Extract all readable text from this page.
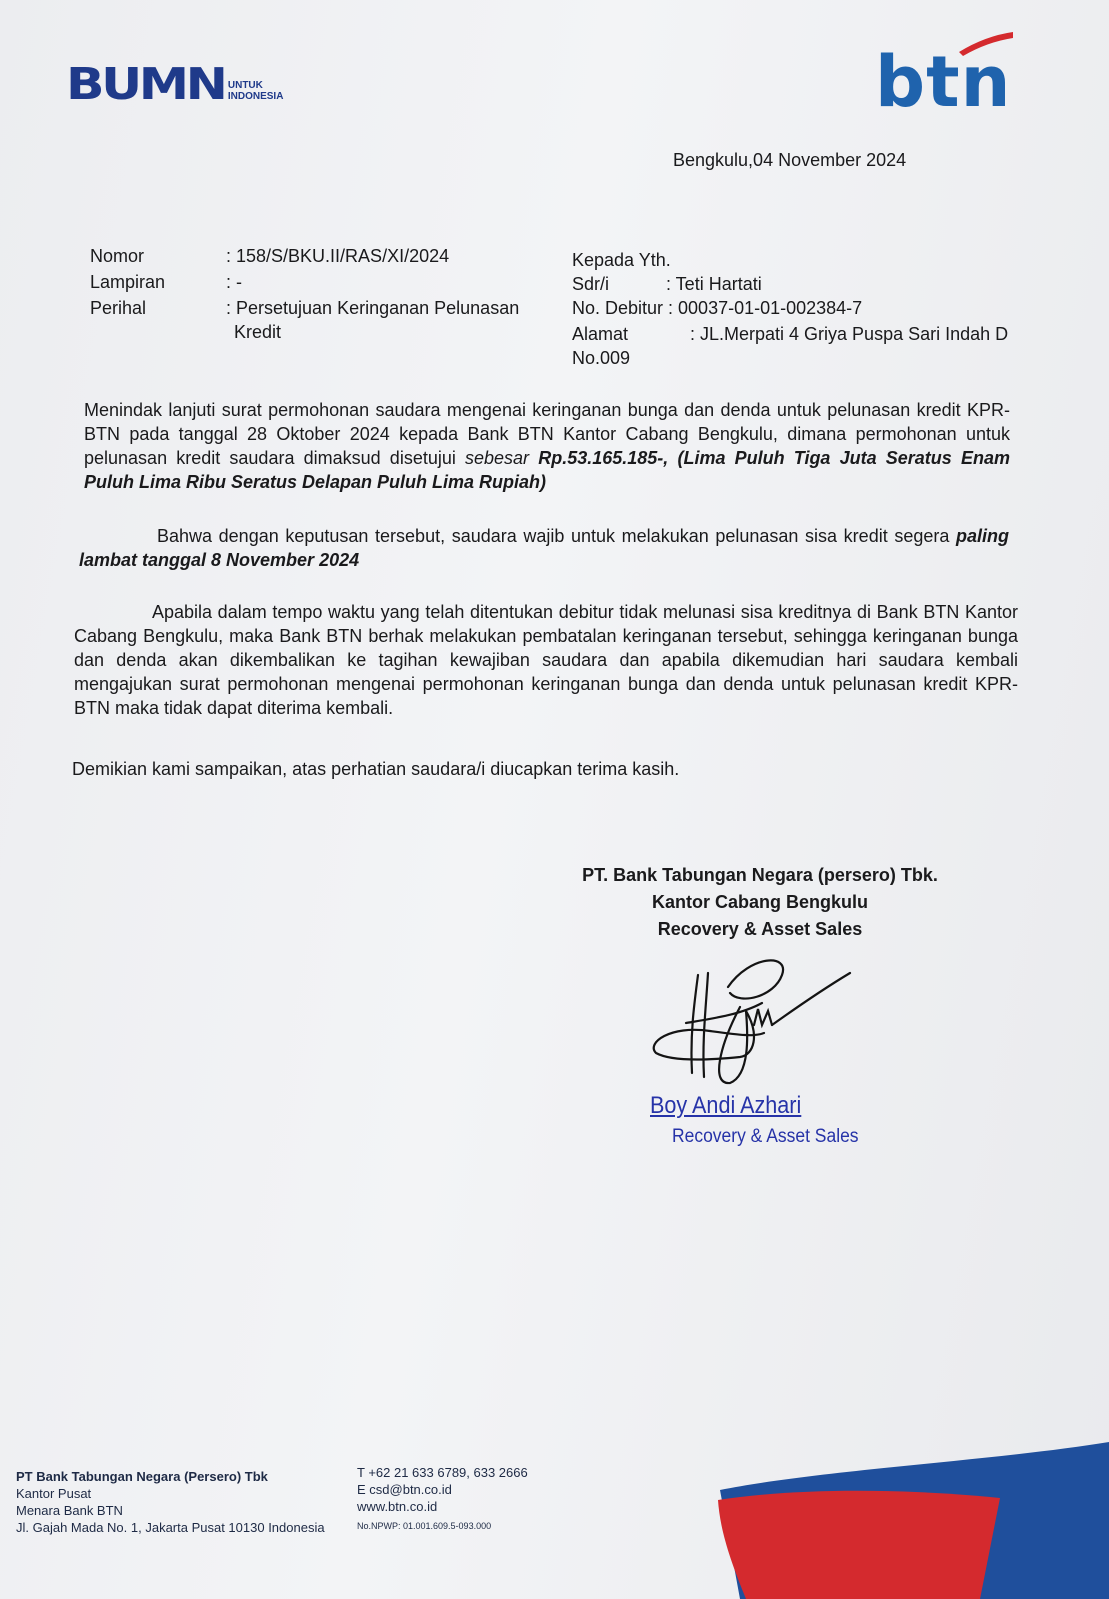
BUMN UNTUK
INDONESIA	btn
Bengkulu,04 November 2024
Nomor	: 158/S/BKU.II/RAS/XI/2024
Lampiran	: -
Perihal	: Persetujuan Keringanan Pelunasan
Kredit
Kepada Yth.
Sdr/i	: Teti Hartati
No. Debitur : 00037-01-01-002384-7
Alamat	: JL.Merpati 4 Griya Puspa Sari Indah D
No.009
Menindak lanjuti surat permohonan saudara mengenai keringanan bunga dan denda untuk pelunasan kredit KPR-BTN pada tanggal 28 Oktober 2024 kepada Bank BTN Kantor Cabang Bengkulu, dimana permohonan untuk pelunasan kredit saudara dimaksud disetujui sebesar Rp.53.165.185-, (Lima Puluh Tiga Juta Seratus Enam Puluh Lima Ribu Seratus Delapan Puluh Lima Rupiah)
Bahwa dengan keputusan tersebut, saudara wajib untuk melakukan pelunasan sisa kredit segera paling lambat tanggal 8 November 2024
Apabila dalam tempo waktu yang telah ditentukan debitur tidak melunasi sisa kreditnya di Bank BTN Kantor Cabang Bengkulu, maka Bank BTN berhak melakukan pembatalan keringanan tersebut, sehingga keringanan bunga dan denda akan dikembalikan ke tagihan kewajiban saudara dan apabila dikemudian hari saudara kembali mengajukan surat permohonan mengenai permohonan keringanan bunga dan denda untuk pelunasan kredit KPR-BTN maka tidak dapat diterima kembali.
Demikian kami sampaikan, atas perhatian saudara/i diucapkan terima kasih.
PT. Bank Tabungan Negara (persero) Tbk.
Kantor Cabang Bengkulu
Recovery & Asset Sales
Boy Andi Azhari
Recovery & Asset Sales
PT Bank Tabungan Negara (Persero) Tbk
Kantor Pusat
Menara Bank BTN
Jl. Gajah Mada No. 1, Jakarta Pusat 10130 Indonesia
T +62 21 633 6789, 633 2666
E csd@btn.co.id
www.btn.co.id
No.NPWP: 01.001.609.5-093.000
